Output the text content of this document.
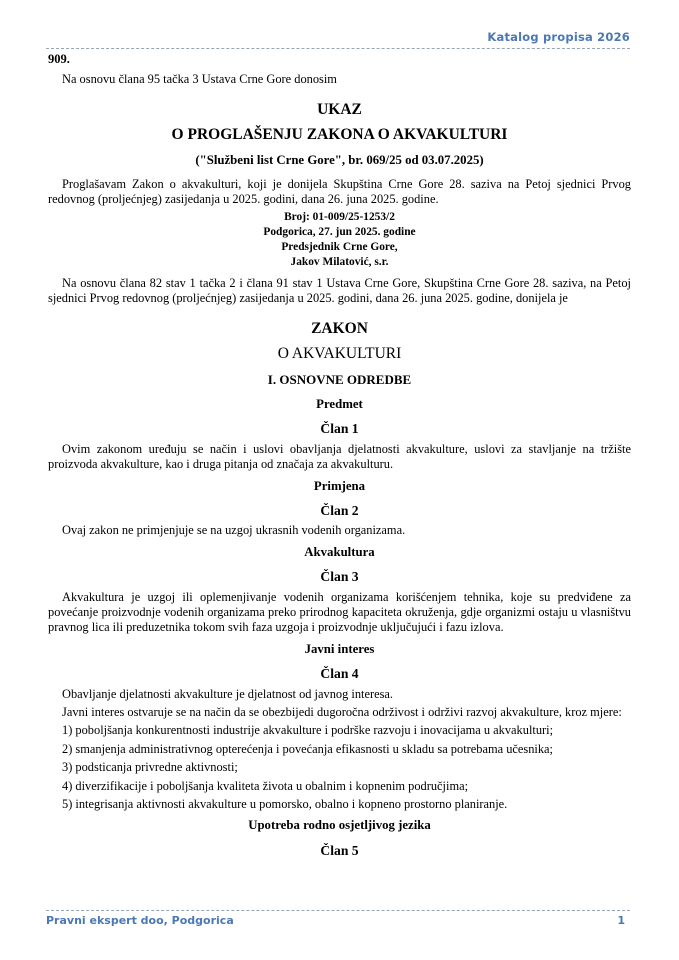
Katalog propisa 2026

909.

Na osnovu člana 95 tačka 3 Ustava Crne Gore donosim

UKAZ

O PROGLAŠENJU ZAKONA O AKVAKULTURI

("Službeni list Crne Gore", br. 069/25 od 03.07.2025)

Proglašavam Zakon o akvakulturi, koji je donijela Skupština Crne Gore 28. saziva na Petoj sjednici Prvog redovnog (proljećnjeg) zasijedanja u 2025. godini, dana 26. juna 2025. godine.

Broj: 01-009/25-1253/2

Podgorica, 27. jun 2025. godine

Predsjednik Crne Gore,

Jakov Milatović, s.r.

Na osnovu člana 82 stav 1 tačka 2 i člana 91 stav 1 Ustava Crne Gore, Skupština Crne Gore 28. saziva, na Petoj sjednici Prvog redovnog (proljećnjeg) zasijedanja u 2025. godini, dana 26. juna 2025. godine, donijela je

ZAKON

O AKVAKULTURI

I. OSNOVNE ODREDBE

Predmet

Član 1

Ovim zakonom uređuju se način i uslovi obavljanja djelatnosti akvakulture, uslovi za stavljanje na tržište proizvoda akvakulture, kao i druga pitanja od značaja za akvakulturu.

Primjena

Član 2

Ovaj zakon ne primjenjuje se na uzgoj ukrasnih vodenih organizama.

Akvakultura

Član 3

Akvakultura je uzgoj ili oplemenjivanje vodenih organizama korišćenjem tehnika, koje su predviđene za povećanje proizvodnje vodenih organizama preko prirodnog kapaciteta okruženja, gdje organizmi ostaju u vlasništvu pravnog lica ili preduzetnika tokom svih faza uzgoja i proizvodnje uključujući i fazu izlova.

Javni interes

Član 4

Obavljanje djelatnosti akvakulture je djelatnost od javnog interesa.

Javni interes ostvaruje se na način da se obezbijedi dugoročna održivost i održivi razvoj akvakulture, kroz mjere:

1) poboljšanja konkurentnosti industrije akvakulture i podrške razvoju i inovacijama u akvakulturi;

2) smanjenja administrativnog opterećenja i povećanja efikasnosti u skladu sa potrebama učesnika;

3) podsticanja privredne aktivnosti;

4) diverzifikacije i poboljšanja kvaliteta života u obalnim i kopnenim područjima;

5) integrisanja aktivnosti akvakulture u pomorsko, obalno i kopneno prostorno planiranje.

Upotreba rodno osjetljivog jezika

Član 5

Pravni ekspert doo, Podgorica	1
